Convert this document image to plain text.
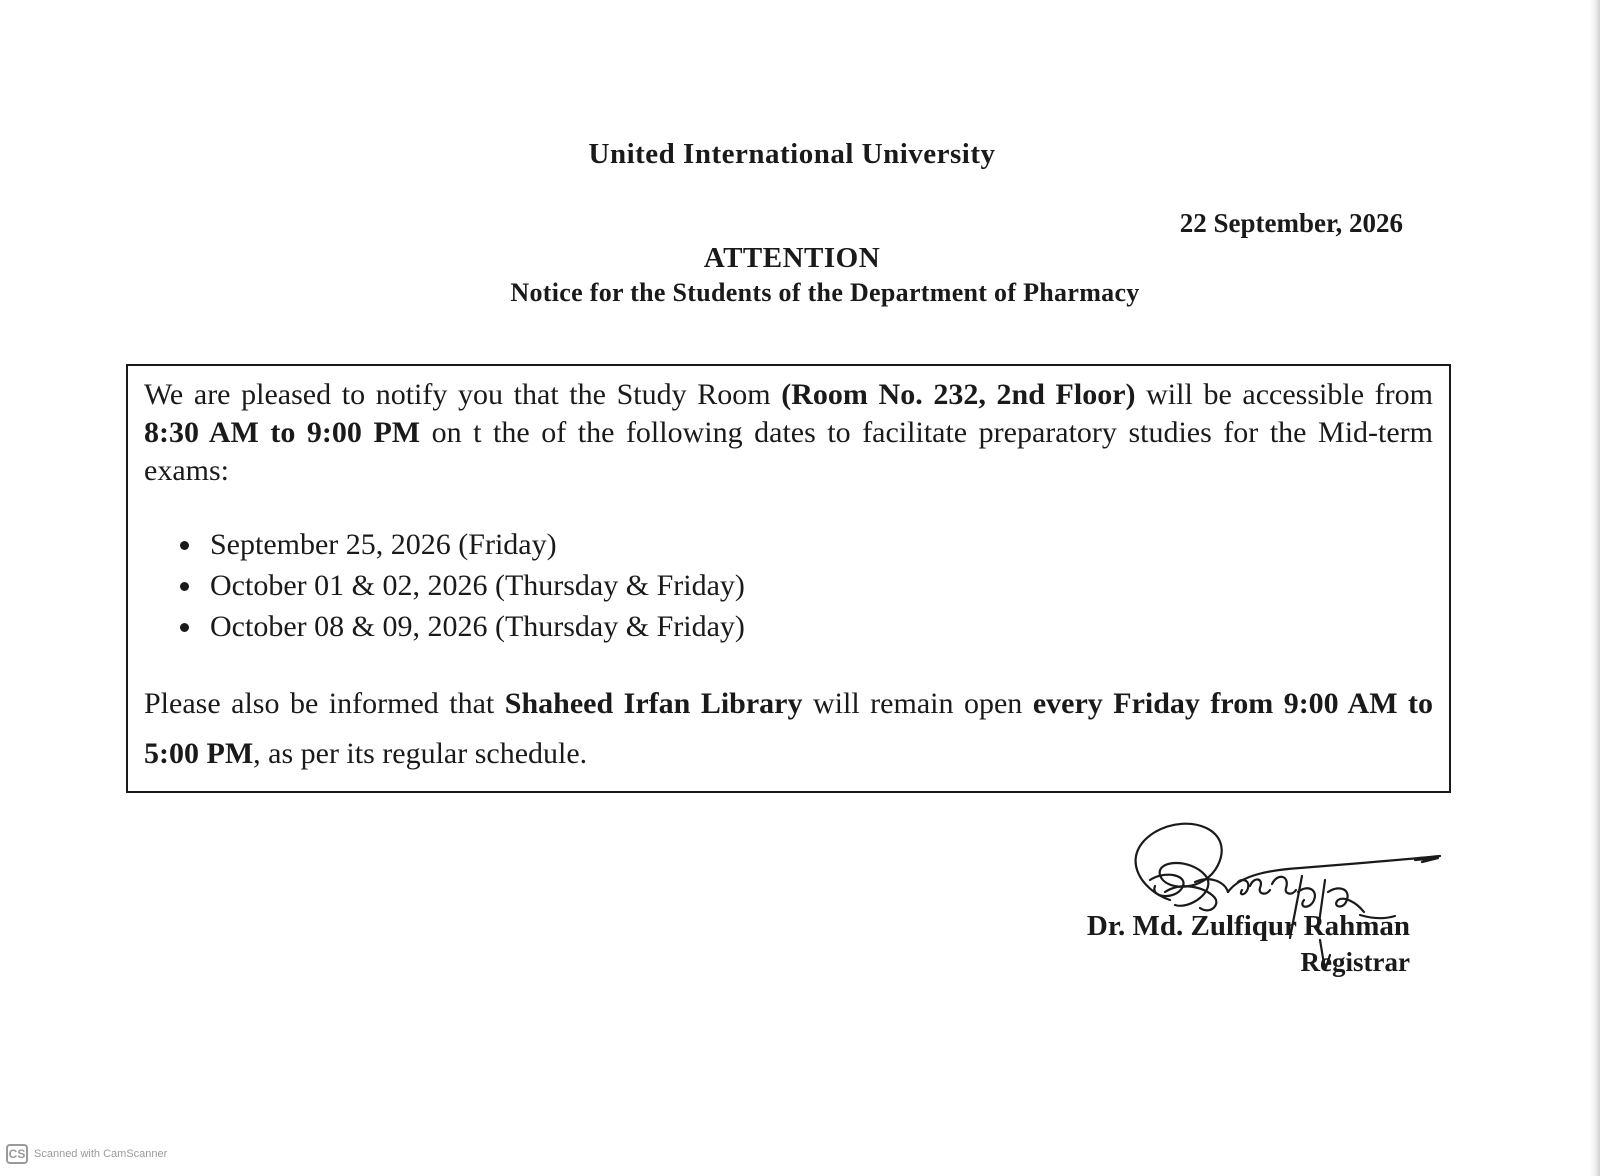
United International University
22 September, 2026
ATTENTION
Notice for the Students of the Department of Pharmacy

We are pleased to notify you that the Study Room (Room No. 232, 2nd Floor) will be accessible from 8:30 AM to 9:00 PM on t the of the following dates to facilitate preparatory studies for the Mid-term exams:

September 25, 2026 (Friday)
October 01 & 02, 2026 (Thursday & Friday)
October 08 & 09, 2026 (Thursday & Friday)

Please also be informed that Shaheed Irfan Library will remain open every Friday from 9:00 AM to 5:00 PM, as per its regular schedule.

Dr. Md. Zulfiqur Rahman
Registrar
CS Scanned with CamScanner
